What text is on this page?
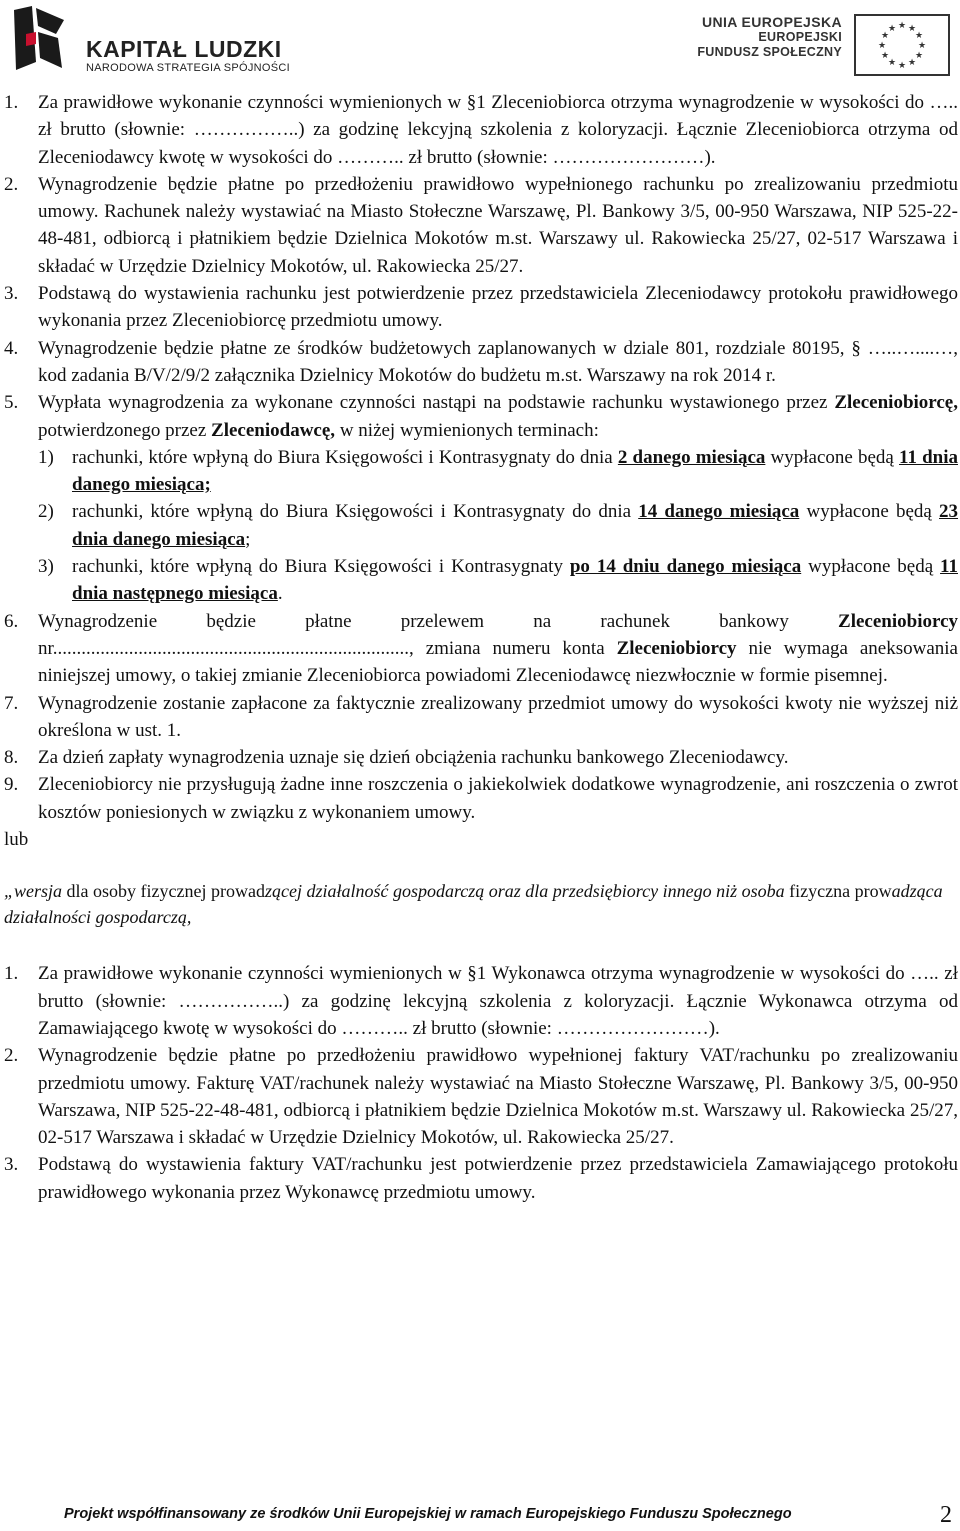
KAPITAŁ LUDZKI
NARODOWA STRATEGIA SPÓJNOŚCI
UNIA EUROPEJSKA
EUROPEJSKI
FUNDUSZ SPOŁECZNY
★ ★
★
★
★
★
★
★
★
★
★
★
1. Za prawidłowe wykonanie czynności wymienionych w §1 Zleceniobiorca otrzyma wynagrodzenie w wysokości do ….. zł brutto (słownie: ……………..) za godzinę lekcyjną szkolenia z koloryzacji. Łącznie Zleceniobiorca otrzyma od Zleceniodawcy kwotę w wysokości do ……….. zł brutto (słownie: ……………………).

2. Wynagrodzenie będzie płatne po przedłożeniu prawidłowo wypełnionego rachunku po zrealizowaniu przedmiotu umowy. Rachunek należy wystawiać na Miasto Stołeczne Warszawę, Pl. Bankowy 3/5, 00-950 Warszawa, NIP 525-22-48-481, odbiorcą i płatnikiem będzie Dzielnica Mokotów m.st. Warszawy ul. Rakowiecka 25/27, 02-517 Warszawa i składać w Urzędzie Dzielnicy Mokotów, ul. Rakowiecka 25/27.

3. Podstawą do wystawienia rachunku jest potwierdzenie przez przedstawiciela Zleceniodawcy protokołu prawidłowego wykonania przez Zleceniobiorcę przedmiotu umowy.

4. Wynagrodzenie będzie płatne ze środków budżetowych zaplanowanych w dziale 801, rozdziale 80195, § …..…....…, kod zadania B/V/2/9/2 załącznika Dzielnicy Mokotów do budżetu m.st. Warszawy na rok 2014 r.

5. Wypłata wynagrodzenia za wykonane czynności nastąpi na podstawie rachunku wystawionego przez Zleceniobiorcę, potwierdzonego przez Zleceniodawcę, w niżej wymienionych terminach:

1) rachunki, które wpłyną do Biura Księgowości i Kontrasygnaty do dnia 2 danego miesiąca wypłacone będą 11 dnia danego miesiąca;

2) rachunki, które wpłyną do Biura Księgowości i Kontrasygnaty do dnia 14 danego miesiąca wypłacone będą 23 dnia danego miesiąca;

3) rachunki, które wpłyną do Biura Księgowości i Kontrasygnaty po 14 dniu danego miesiąca wypłacone będą 11 dnia następnego miesiąca.

6. Wynagrodzenie będzie płatne przelewem na rachunek bankowy Zleceniobiorcy nr..........................................................................., zmiana numeru konta Zleceniobiorcy nie wymaga aneksowania niniejszej umowy, o takiej zmianie Zleceniobiorca powiadomi Zleceniodawcę niezwłocznie w formie pisemnej.

7. Wynagrodzenie zostanie zapłacone za faktycznie zrealizowany przedmiot umowy do wysokości kwoty nie wyższej niż określona w ust. 1.

8. Za dzień zapłaty wynagrodzenia uznaje się dzień obciążenia rachunku bankowego Zleceniodawcy.

9. Zleceniobiorcy nie przysługują żadne inne roszczenia o jakiekolwiek dodatkowe wynagrodzenie, ani roszczenia o zwrot kosztów poniesionych w związku z wykonaniem umowy.

lub

„wersja dla osoby fizycznej prowadzącej działalność gospodarczą oraz dla przedsiębiorcy innego niż osoba fizyczna prowadząca działalności gospodarczą,

1. Za prawidłowe wykonanie czynności wymienionych w §1 Wykonawca otrzyma wynagrodzenie w wysokości do ….. zł brutto (słownie: ……………..) za godzinę lekcyjną szkolenia z koloryzacji. Łącznie Wykonawca otrzyma od Zamawiającego kwotę w wysokości do ……….. zł brutto (słownie: ……………………).

2. Wynagrodzenie będzie płatne po przedłożeniu prawidłowo wypełnionej faktury VAT/rachunku po zrealizowaniu przedmiotu umowy. Fakturę VAT/rachunek należy wystawiać na Miasto Stołeczne Warszawę, Pl. Bankowy 3/5, 00-950 Warszawa, NIP 525-22-48-481, odbiorcą i płatnikiem będzie Dzielnica Mokotów m.st. Warszawy ul. Rakowiecka 25/27, 02-517 Warszawa i składać w Urzędzie Dzielnicy Mokotów, ul. Rakowiecka 25/27.

3. Podstawą do wystawienia faktury VAT/rachunku jest potwierdzenie przez przedstawiciela Zamawiającego protokołu prawidłowego wykonania przez Wykonawcę przedmiotu umowy.

Projekt współfinansowany ze środków Unii Europejskiej w ramach Europejskiego Funduszu Społecznego	2
